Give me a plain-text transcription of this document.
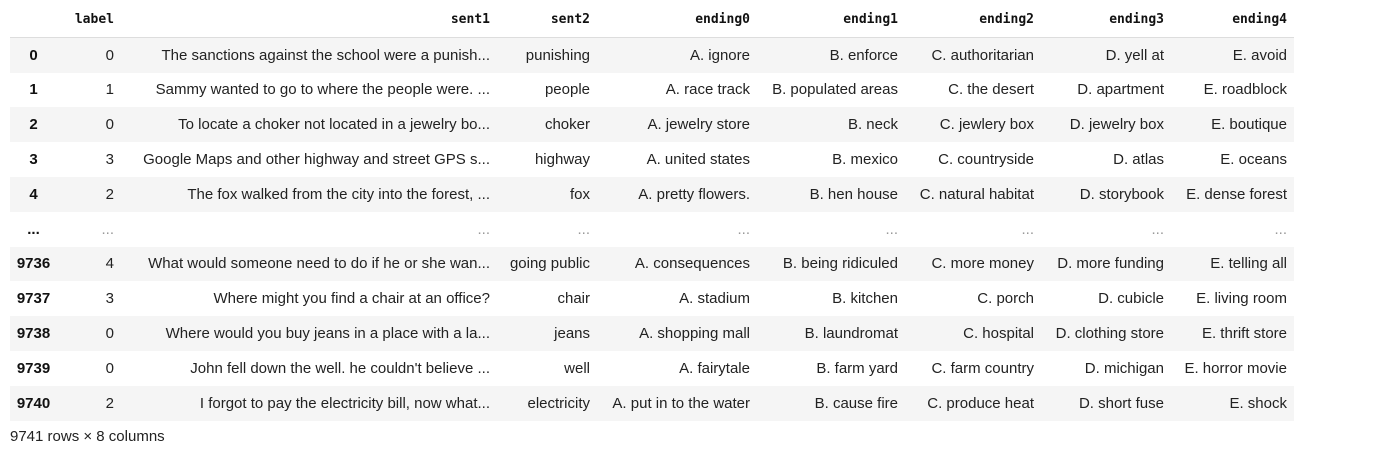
	label	sent1	sent2	ending0	ending1	ending2	ending3	ending4
0	0	The sanctions against the school were a punish...	punishing	A. ignore	B. enforce	C. authoritarian	D. yell at	E. avoid
1	1	Sammy wanted to go to where the people were. ...	people	A. race track	B. populated areas	C. the desert	D. apartment	E. roadblock
2	0	To locate a choker not located in a jewelry bo...	choker	A. jewelry store	B. neck	C. jewlery box	D. jewelry box	E. boutique
3	3	Google Maps and other highway and street GPS s...	highway	A. united states	B. mexico	C. countryside	D. atlas	E. oceans
4	2	The fox walked from the city into the forest, ...	fox	A. pretty flowers.	B. hen house	C. natural habitat	D. storybook	E. dense forest
...	...	...	...	...	...	...	...	...
9736	4	What would someone need to do if he or she wan...	going public	A. consequences	B. being ridiculed	C. more money	D. more funding	E. telling all
9737	3	Where might you find a chair at an office?	chair	A. stadium	B. kitchen	C. porch	D. cubicle	E. living room
9738	0	Where would you buy jeans in a place with a la...	jeans	A. shopping mall	B. laundromat	C. hospital	D. clothing store	E. thrift store
9739	0	John fell down the well. he couldn't believe ...	well	A. fairytale	B. farm yard	C. farm country	D. michigan	E. horror movie
9740	2	I forgot to pay the electricity bill, now what...	electricity	A. put in to the water	B. cause fire	C. produce heat	D. short fuse	E. shock
9741 rows × 8 columns
